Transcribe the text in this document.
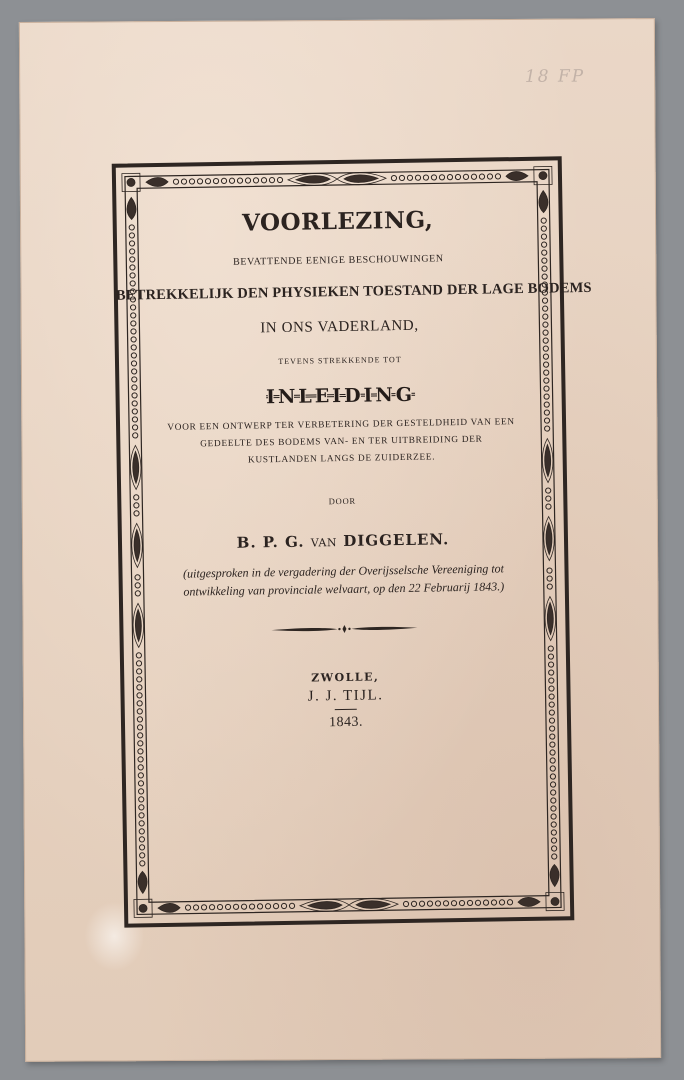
18 FP
VOORLEZING,
BEVATTENDE EENIGE BESCHOUWINGEN
BETREKKELIJK DEN PHYSIEKEN TOESTAND DER LAGE BODEMS
IN ONS VADERLAND,
TEVENS STREKKENDE TOT
INLEIDING
VOOR EEN ONTWERP TER VERBETERING DER GESTELDHEID VAN EEN
GEDEELTE DES BODEMS VAN- EN TER UITBREIDING DER
KUSTLANDEN LANGS DE ZUIDERZEE.
DOOR
B. P. G. VAN DIGGELEN.
(uitgesproken in de vergadering der Overijsselsche Vereeniging tot
ontwikkeling van provinciale welvaart, op den 22 Februarij 1843.)
ZWOLLE,
J. J. TIJL.
1843.
